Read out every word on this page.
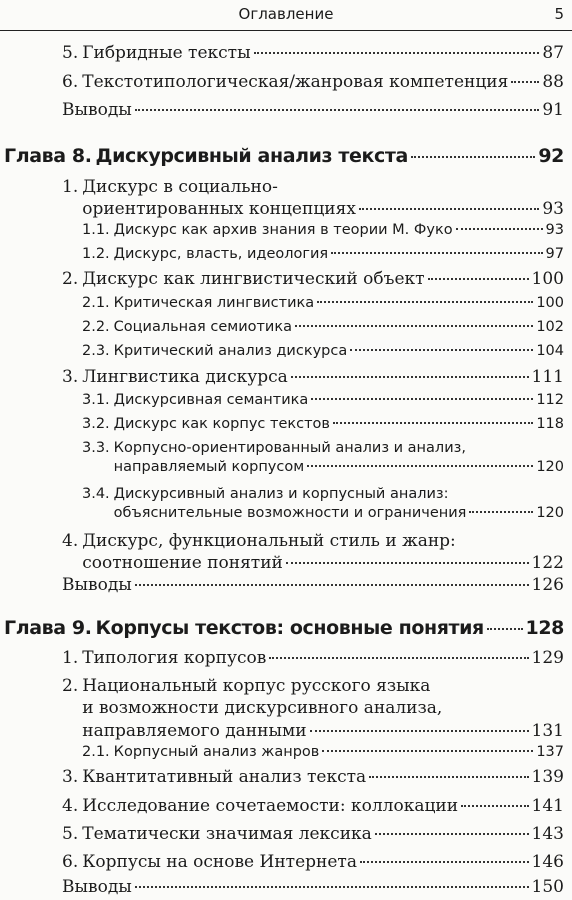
Оглавление	5
5. Гибридные тексты	87
6. Текстотипологическая/жанровая компетенция 88
Выводы	91
Глава 8. Дискурсивный анализ текста	92
1. Дискурс в социально-
ориентированных концепциях	93
1.1. Дискурс как архив знания в теории М. Фуко	93
1.2. Дискурс, власть, идеология	97
2. Дискурс как лингвистический объект	100
2.1. Критическая лингвистика	100
2.2. Социальная семиотика	102
2.3. Критический анализ дискурса	104
3. Лингвистика дискурса	111
3.1. Дискурсивная семантика	112
3.2. Дискурс как корпус текстов	118
3.3. Корпусно-ориентированный анализ и анализ,
направляемый корпусом	120
3.4. Дискурсивный анализ и корпусный анализ:
объяснительные возможности и ограничения	120
4. Дискурс, функциональный стиль и жанр:
соотношение понятий	122
Выводы	126
Глава 9. Корпусы текстов: основные понятия 128
1. Типология корпусов	129
2. Национальный корпус русского языка
и возможности дискурсивного анализа,
направляемого данными	131
2.1. Корпусный анализ жанров	137
3. Квантитативный анализ текста	139
4. Исследование сочетаемости: коллокации	141
5. Тематически значимая лексика	143
6. Корпусы на основе Интернета	146
Выводы	150
